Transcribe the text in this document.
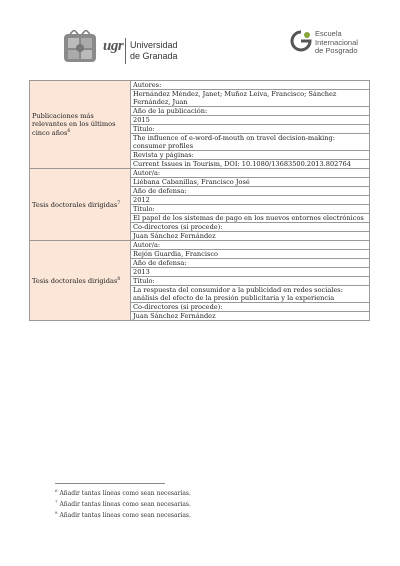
ugr Universidad
de Granada
Escuela
Internacional
de Posgrado
Publicaciones más relevantes en los últimos cinco años$^6$	Autores:
	Hernández Méndez, Janet; Muñoz Leiva, Francisco; Sánchez Fernández, Juan
	Año de la publicación:
	2015
	Título:
	The influence of e-word-of-mouth on travel decision-making: consumer profiles
	Revista y páginas:
	Current Issues in Tourism, DOI: 10.1080/13683500.2013.802764
Tesis doctorales dirigidas$^7$	Autor/a:
	Liébana Cabanillas, Francisco José
	Año de defensa:
	2012
	Título:
	El papel de los sistemas de pago en los nuevos entornos electrónicos
	Co-directores (si procede):
	Juan Sánchez Fernández
Tesis doctorales dirigidas$^8$	Autor/a:
	Rejón Guardia, Francisco
	Año de defensa:
	2013
	Título:
	La respuesta del consumidor a la publicidad en redes sociales: análisis del efecto de la presión publicitaria y la experiencia
	Co-directores (si procede):
	Juan Sánchez Fernández
$^6$ Añadir tantas líneas como sean necesarias.
$^7$ Añadir tantas líneas como sean necesarias.
$^8$ Añadir tantas líneas como sean necesarias.
